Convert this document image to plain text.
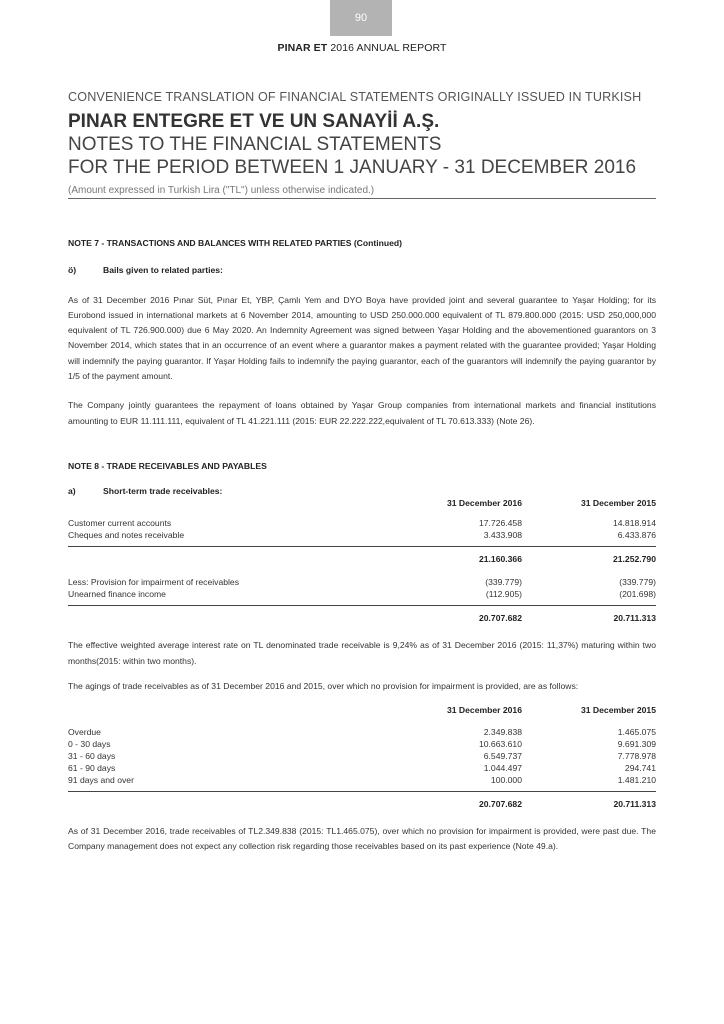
90
PINAR ET 2016 ANNUAL REPORT
CONVENIENCE TRANSLATION OF FINANCIAL STATEMENTS ORIGINALLY ISSUED IN TURKISH
PINAR ENTEGRE ET VE UN SANAYİİ A.Ş.
NOTES TO THE FINANCIAL STATEMENTS
FOR THE PERIOD BETWEEN 1 JANUARY - 31 DECEMBER 2016
(Amount expressed in Turkish Lira ("TL") unless otherwise indicated.)
NOTE 7 - TRANSACTIONS AND BALANCES WITH RELATED PARTIES (Continued)
ö)	Bails given to related parties:

As of 31 December 2016 Pınar Süt, Pınar Et, YBP, Çamlı Yem and DYO Boya have provided joint and several guarantee to Yaşar Holding; for its Eurobond issued in international markets at 6 November 2014, amounting to USD 250.000.000 equivalent of TL 879.800.000 (2015: USD 250,000,000 equivalent of TL 726.900.000) due 6 May 2020. An Indemnity Agreement was signed between Yaşar Holding and the abovementioned guarantors on 3 November 2014, which states that in an occurrence of an event where a guarantor makes a payment related with the guarantee provided; Yaşar Holding will indemnify the paying guarantor. If Yaşar Holding fails to indemnify the paying guarantor, each of the guarantors will indemnify the paying guarantor by 1/5 of the payment amount.

The Company jointly guarantees the repayment of loans obtained by Yaşar Group companies from international markets and financial institutions amounting to EUR 11.111.111, equivalent of TL 41.221.111 (2015: EUR 22.222.222,equivalent of TL 70.613.333) (Note 26).

NOTE 8 - TRADE RECEIVABLES AND PAYABLES
a) Short-term trade receivables:		

	31 December 2016	31 December 2015

Customer current accounts	17.726.458	14.818.914
Cheques and notes receivable	3.433.908	6.433.876

	21.160.366	21.252.790

Less: Provision for impairment of receivables	(339.779)	(339.779)
Unearned finance income	(112.905)	(201.698)

	20.707.682	20.711.313

The effective weighted average interest rate on TL denominated trade receivable is 9,24% as of 31 December 2016 (2015: 11,37%) maturing within two months(2015: within two months).

The agings of trade receivables as of 31 December 2016 and 2015, over which no provision for impairment is provided, are as follows:

	31 December 2016	31 December 2015

Overdue	2.349.838	1.465.075
0 - 30 days	10.663.610	9.691.309
31 - 60 days	6.549.737	7.778.978
61 - 90 days	1.044.497	294.741
91 days and over	100.000	1.481.210

	20.707.682	20.711.313

As of 31 December 2016, trade receivables of TL2.349.838 (2015: TL1.465.075), over which no provision for impairment is provided, were past due. The Company management does not expect any collection risk regarding those receivables based on its past experience (Note 49.a).
